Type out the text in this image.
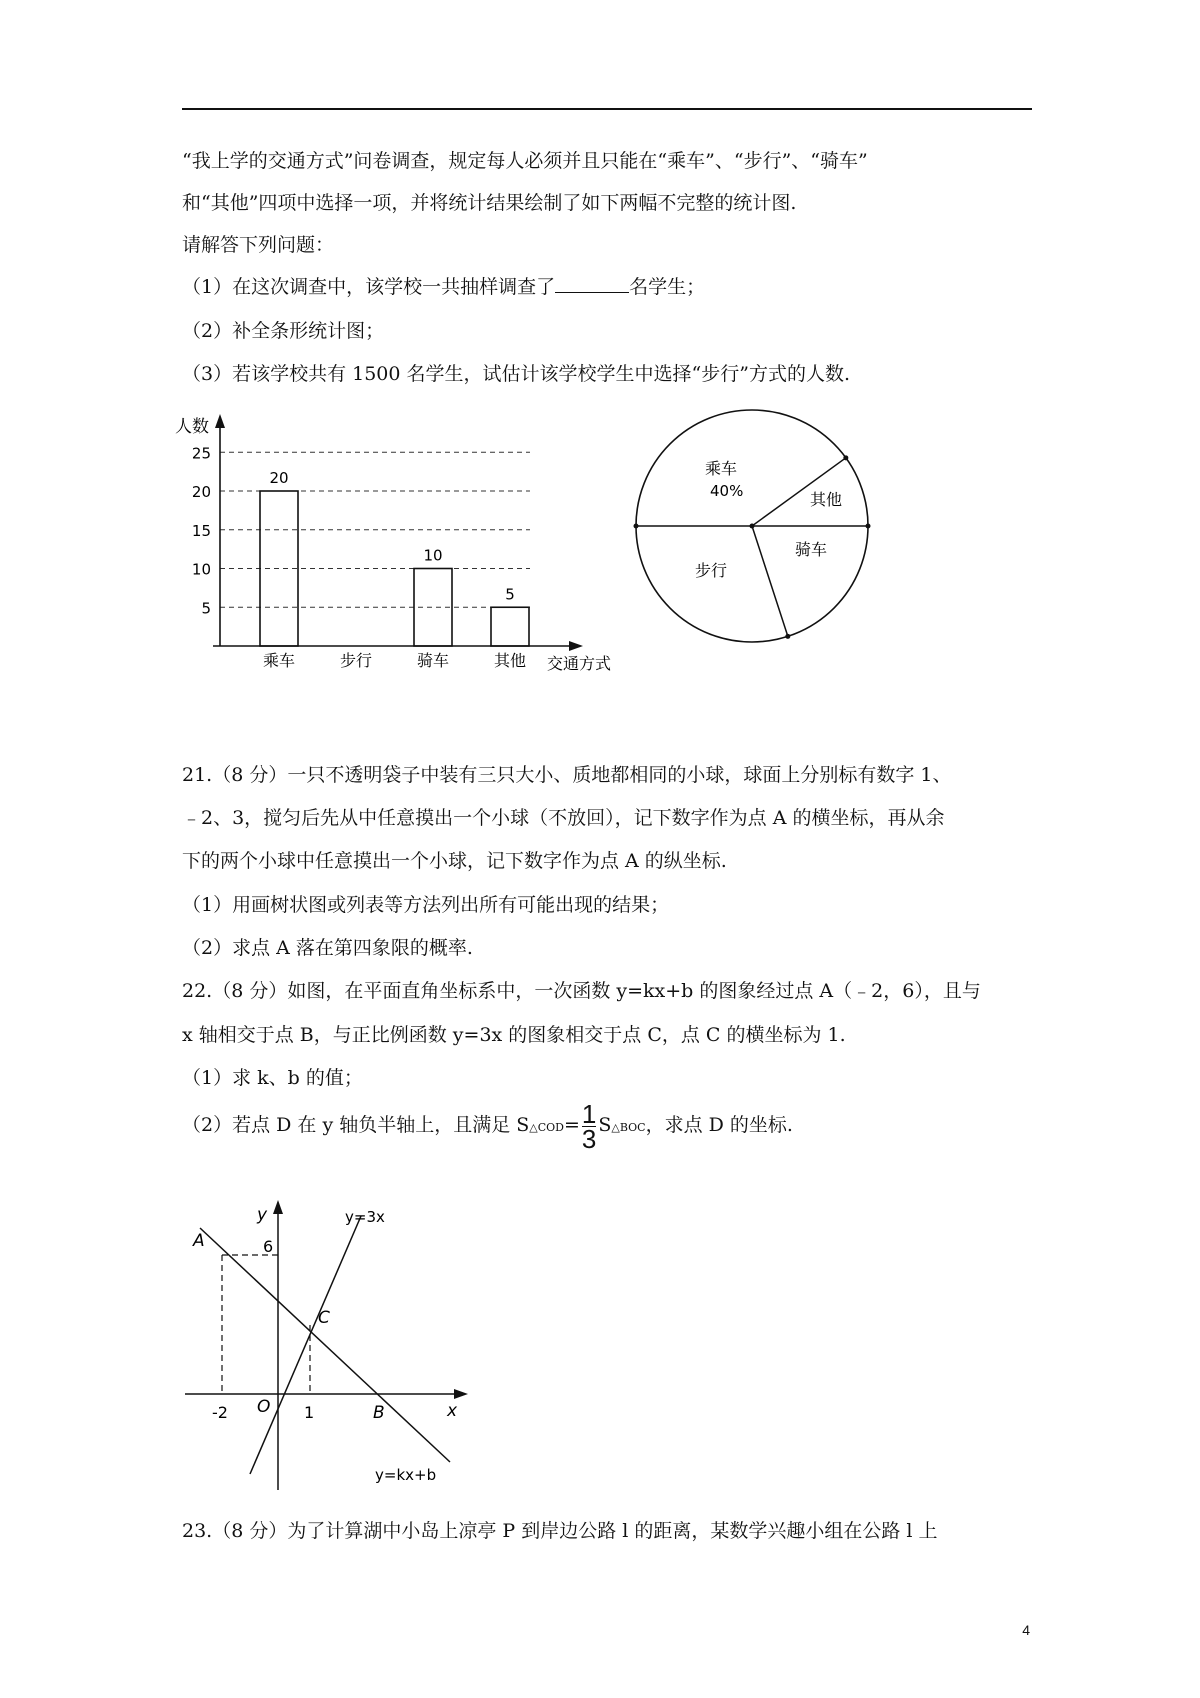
“我上学的交通方式”问卷调查，规定每人必须并且只能在“乘车”、“步行”、“骑车”
和“其他”四项中选择一项，并将统计结果绘制了如下两幅不完整的统计图.
请解答下列问题：
（1）在这次调查中，该学校一共抽样调查了	名学生；
（2）补全条形统计图；
（3）若该学校共有 1500 名学生，试估计该学校学生中选择“步行”方式的人数.
人数
交通方式
5
10
15
20
25
20
乘车	步行
10
骑车
5
其他
乘车
40%	其他
骑车
步行
21.（8 分）一只不透明袋子中装有三只大小、质地都相同的小球，球面上分别标有数字 1、
﹣2、3，搅匀后先从中任意摸出一个小球（不放回），记下数字作为点 A 的横坐标，再从余
下的两个小球中任意摸出一个小球，记下数字作为点 A 的纵坐标.
（1）用画树状图或列表等方法列出所有可能出现的结果；
（2）求点 A 落在第四象限的概率.
22.（8 分）如图，在平面直角坐标系中，一次函数 y=kx+b 的图象经过点 A（﹣2，6），且与
x 轴相交于点 B，与正比例函数 y=3x 的图象相交于点 C，点 C 的横坐标为 1.
（1）求 k、b 的值；
（2）若点 D 在 y 轴负半轴上，且满足 S△COD= $\frac{1}{3}$ S△BOC，求点 D 的坐标.
A
y
6
y=3x
C
-2 O 1	B	x
y=kx+b
23.（8 分）为了计算湖中小岛上凉亭 P 到岸边公路 l 的距离，某数学兴趣小组在公路 l 上
4
